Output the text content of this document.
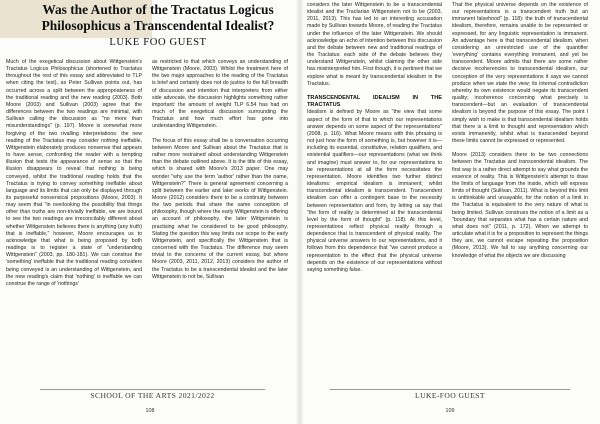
Was the Author of the Tractatus Logicus Philosophicus a Transcendental Idealist?
LUKE FOO GUEST

Much of the exegetical discussion about Wittgenstein's Tractatus Logicus Philosophicus (shortened to Tractatus throughout the rest of this essay and abbreviated to TLP when citing the text), as Peter Sullivan points out, has occurred across a split between the appropriateness of the traditional reading and the new reading (2003). Both Moore (2003) and Sullivan (2003) agree that the differences between the two readings are minimal, with Sullivan calling the discussion as "no more than misunderstandings" (p. 197). Moore is somewhat more forgiving of the two rivalling interpretations: the new reading of the Tractatus may consider nothing ineffable, Wittgenstein elaborately produces nonsense that appears to have sense, confronting the reader with a tempting illusion that tests the appearance of sense so that the illusion disappears to reveal that nothing is being conveyed, whilst the traditional reading holds that the Tractatus is trying to convey something ineffable about language and its limits that can only be displayed through its purposeful nonsensical propositions (Moore, 2003). It may seem that "in overlooking the possibility that things other than truths are non-trivially ineffable, we are bound to see the two readings are irreconcilably different about whether Wittgenstein believes there is anything (any truth) that is ineffable," however, Moore encourages us to acknowledge that what is being proposed by both readings is to register a state of "understanding Wittgenstein" (2003, pp. 180-181). We can construe the 'something' ineffable that the traditional reading considers being conveyed is an understanding of Wittgenstein, and the new reading's claim that 'nothing' is ineffable we can construe the range of 'nothings'

as restricted to that which conveys an understanding of Wittgenstein (Moore, 2003). Whilst the treatment here of the two major approaches to the reading of the Tractatus is brief and certainly does not do justice to the full breadth of discussion and intention that interpreters from either side advocate, the discussion highlights something rather important: the amount of weight TLP 6.54 has had on much of the exegetical discussion surrounding the Tractatus and how much effort has gone into understanding Wittgenstein.

The focus of this essay shall be a conversation occurring between Moore and Sullivan about the Tractatus that is rather more restrained about understanding Wittgenstein than the debate outlined above. It is the title of this essay, which is shared with Moore's 2013 paper. One may wonder "why use the term 'author' rather than the name, Wittgenstein?" There is general agreement concerning a split between the earlier and later works of Wittgenstein. Moore (2012) considers there to be a continuity between the two periods that share the same conception of philosophy, though where the early Wittgenstein is offering an account of philosophy, the later Wittgenstein is practising what he considered to be good philosophy. Stating the question this way limits our scope to the early Wittgenstein, and specifically the Wittgenstein that is concerned with the Tractatus. The difference may seem trivial to the concerns of the current essay, but where Moore (2003, 2011, 2012, 2013) considers the author of the Tractatus to be a transcendental idealist and the later Wittgenstein to not be, Sullivan

SCHOOL OF THE ARTS 2021/2022
108

considers the later Wittgenstein to be a transcendental idealist and the Tractarian Wittgenstein not to be (2003, 2011, 2013). This has led to an interesting accusation made by Sullivan towards Moore, of reading the Tractatus under the influence of the later Wittgenstein. We should acknowledge an echo of intention between this discussion and the debate between new and traditional readings of the Tractatus: each side of the debate believes they understand Wittgenstein, whilst claiming the other side has misinterpreted him. First though, it is pertinent that we explore what is meant by transcendental idealism in the Tractatus.

TRANSCENDENTAL IDEALISM IN THE TRACTATUS

Idealism is defined by Moore as "the view that some aspect of the form of that to which our representations answer depends on some aspect of the representations" (2008, p. 116). What Moore means with this phrasing is not just how the form of something is, but however it is—including its essential, constitutive, relation qualifiers, and existential qualifiers—our representations (what we think and imagine) must answer to, for our representations to be representations at all the form necessitates the representation. Moore identifies two further distinct idealisms: empirical idealism is immanent; whilst transcendental idealism is transcendent. Transcendent idealism can offer a contingent base to the necessity between representation and form, by letting us say that "the form of reality is determined at the transcendental level by the form of thought" (p. 118). At this level, representations reflect physical reality through a dependence that is transcendent of physical reality. The physical universe answers to our representations, and it follows from this dependence that "we cannot produce a representation to the effect that the physical universe depends on the existence of our representations without saying something false.

That the physical universe depends on the existence of our representations is a transcendent truth but an immanent falsehood" (p. 118): the truth of transcendental idealism, therefore, remains unable to be represented or expressed, for any linguistic representation is immanent. An advantage here is that transcendental idealism, when considering an unrestricted use of the quantifier 'everything' contains everything immanent, and yet be transcendent. Moore admits that there are some rather decisive incoherencies to transcendental idealism, our conception of the very representations it says we cannot produce when we state the view; its internal contradiction whereby its own existence would negate its transcendent quality; incoherence concerning what precisely is transcendent—but an evaluation of transcendental idealism is beyond the purpose of this essay. The point I simply wish to make is that transcendental idealism holds that there is a limit to thought and representation which exists immanently, whilst what is transcended beyond these limits cannot be expressed or represented.

Moore (2013) considers there to be two connections between the Tractatus and transcendental idealism. The first way is a rather direct attempt to say what grounds the essence of reality. This is Wittgenstein's attempt to draw the limits of language from the inside, which will express limits of thought (Sullivan, 2011). What is beyond this limit is unthinkable and unsayable, for the notion of a limit in the Tractatus is equivalent to the very nature of what is being limited. Sullivan construes the notion of a limit as a "boundary that separates what has a certain nature and what does not" (2011, p. 172). When we attempt to articulate what it is for a proposition to represent the things they are, we cannot escape repeating the proposition (Moore, 2013). We fail to say anything concerning our knowledge of what the objects we are discussing

LUKE-FOO GUEST
109
